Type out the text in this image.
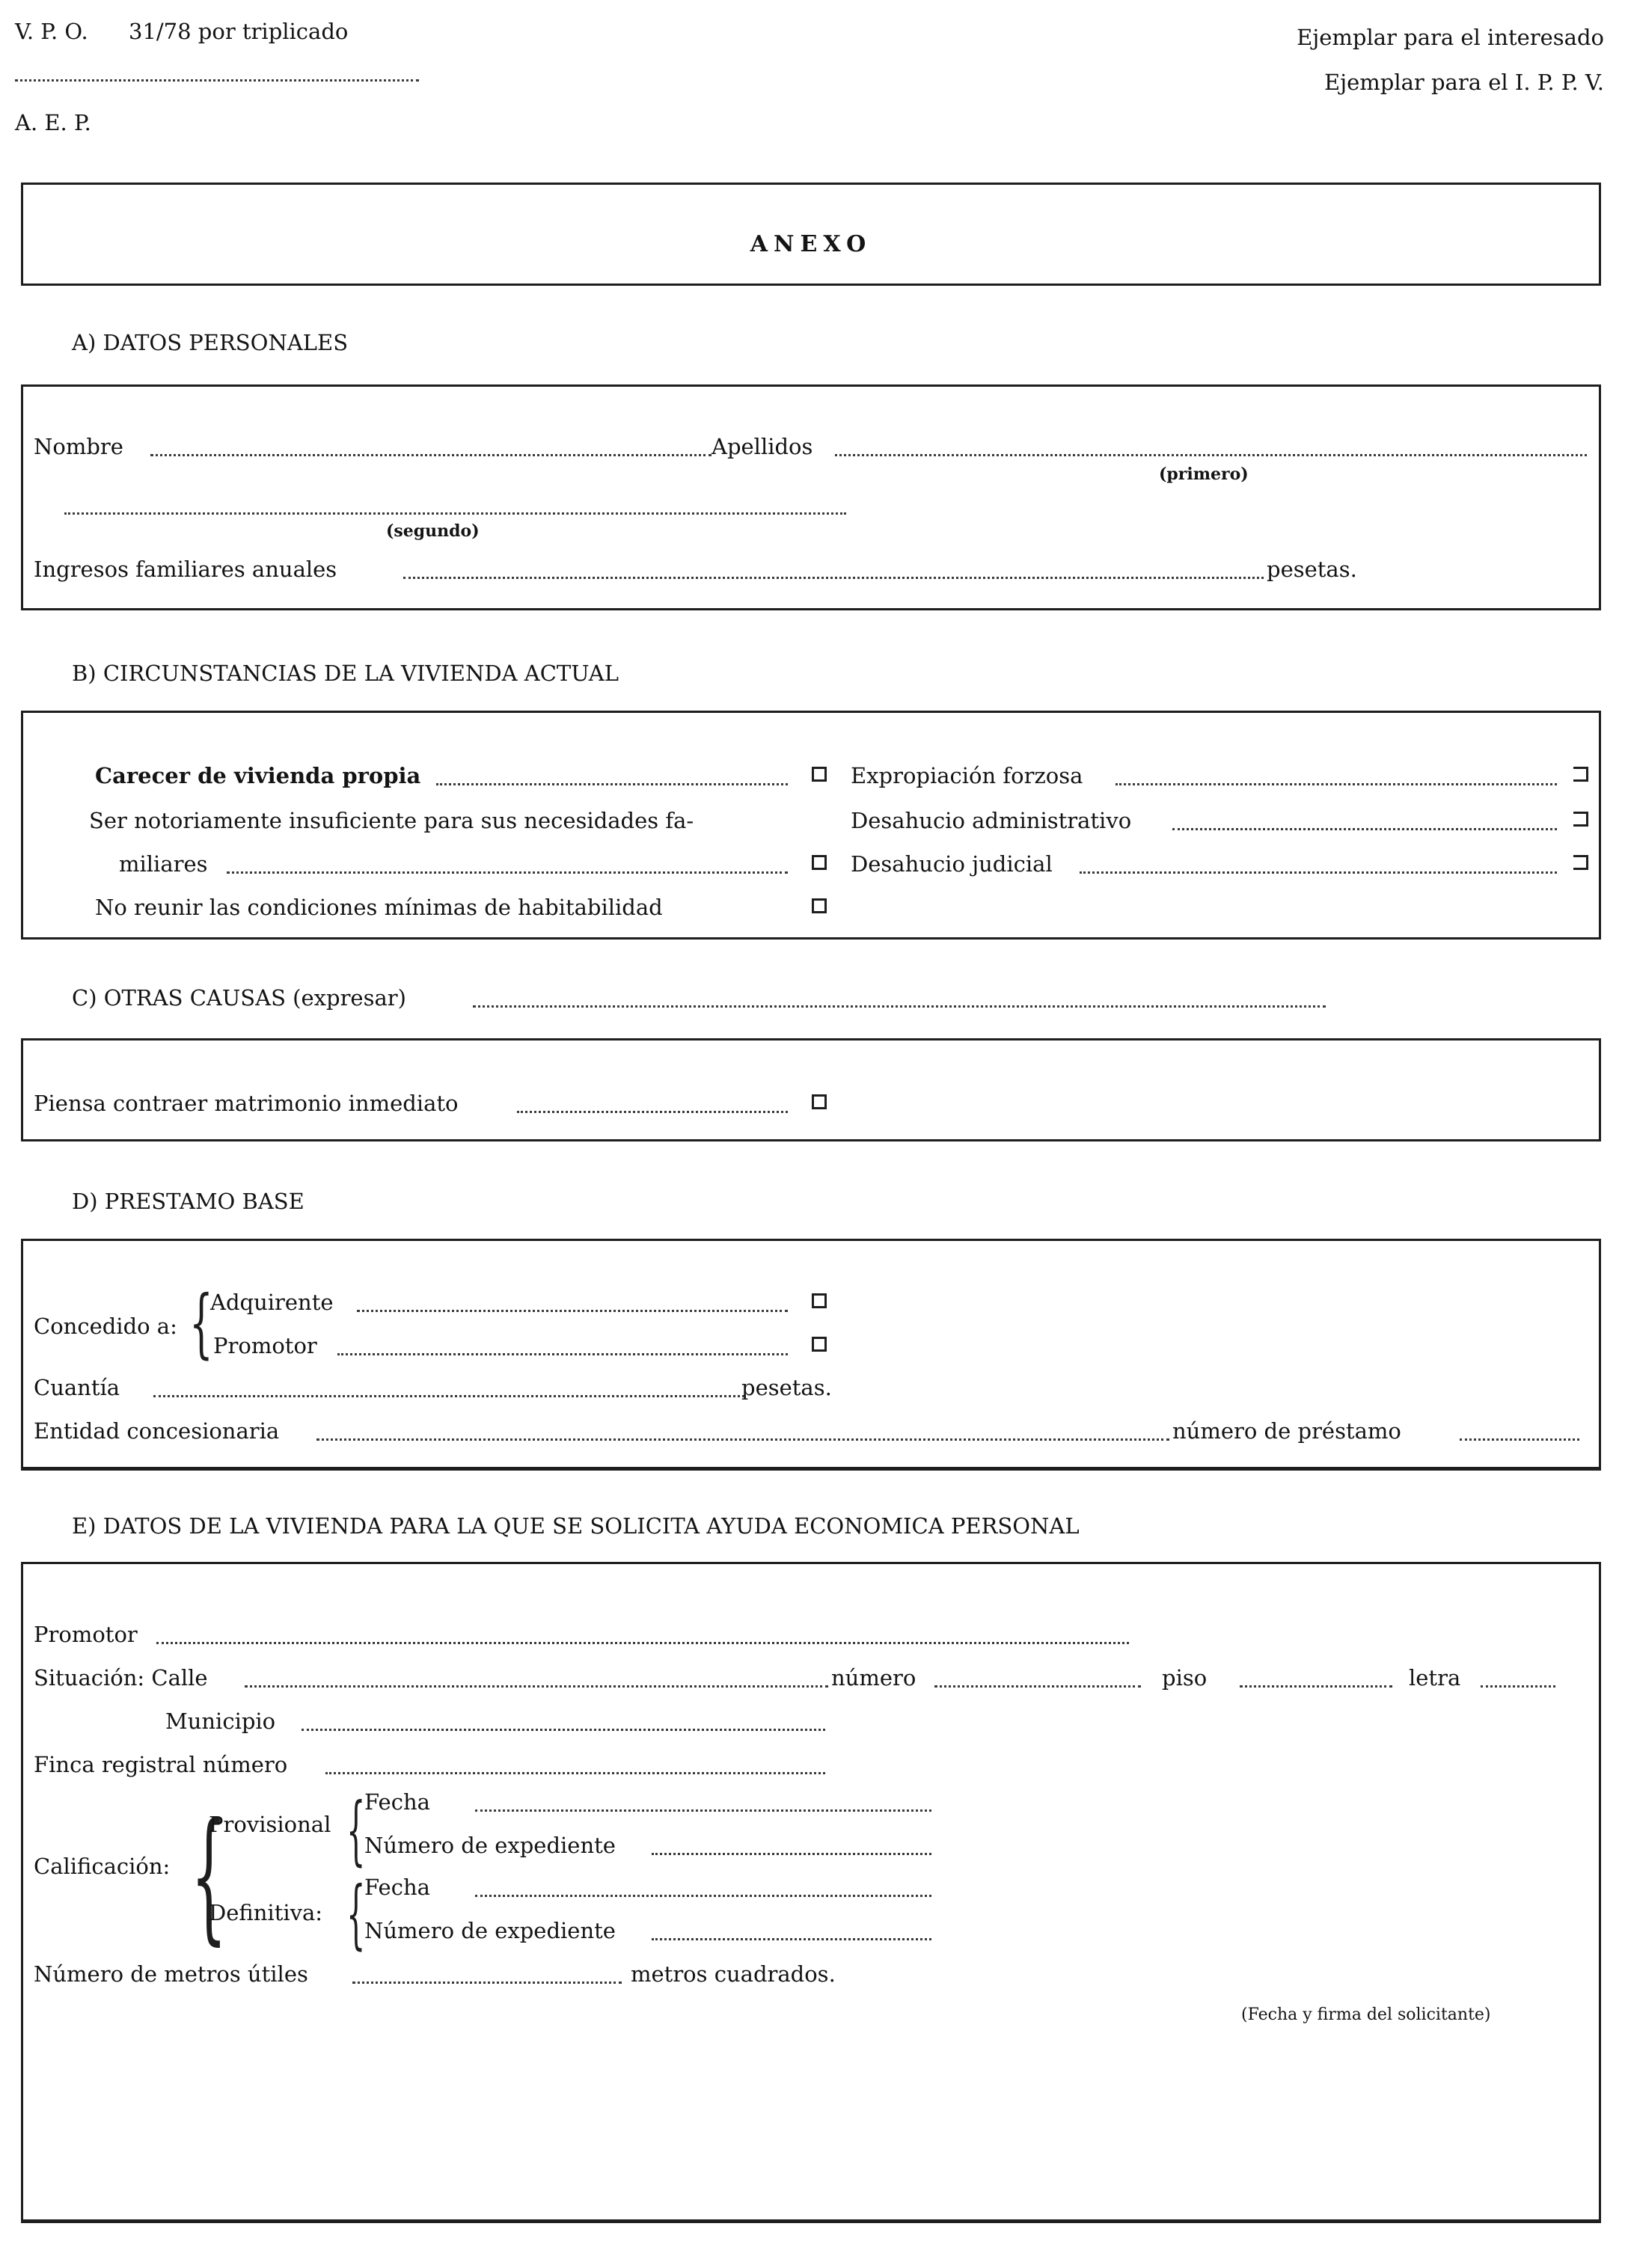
V. P. O. 31/78 por triplicado
A. E. P.
Ejemplar para el interesado
Ejemplar para el I. P. P. V.
ANEXO
A) DATOS PERSONALES
Nombre	Apellidos
(primero)
(segundo)
Ingresos familiares anuales	pesetas.
B) CIRCUNSTANCIAS DE LA VIVIENDA ACTUAL
Carecer de vivienda propia
Ser notoriamente insuficiente para sus necesidades fa-
miliares
No reunir las condiciones mínimas de habitabilidad
Expropiación forzosa
Desahucio administrativo
Desahucio judicial
C) OTRAS CAUSAS (expresar)
Piensa contraer matrimonio inmediato
D) PRESTAMO BASE
Concedido a: {
Adquirente
Promotor
Cuantía	pesetas.
Entidad concesionaria	número de préstamo
E) DATOS DE LA VIVIENDA PARA LA QUE SE SOLICITA AYUDA ECONOMICA PERSONAL
Promotor
Situación: Calle	número	piso	letra
Municipio
Finca registral número
Calificación: {
Provisional {
Fecha
Número de expediente
Definitiva: {
Fecha
Número de expediente
Número de metros útiles	metros cuadrados.
(Fecha y firma del solicitante)
